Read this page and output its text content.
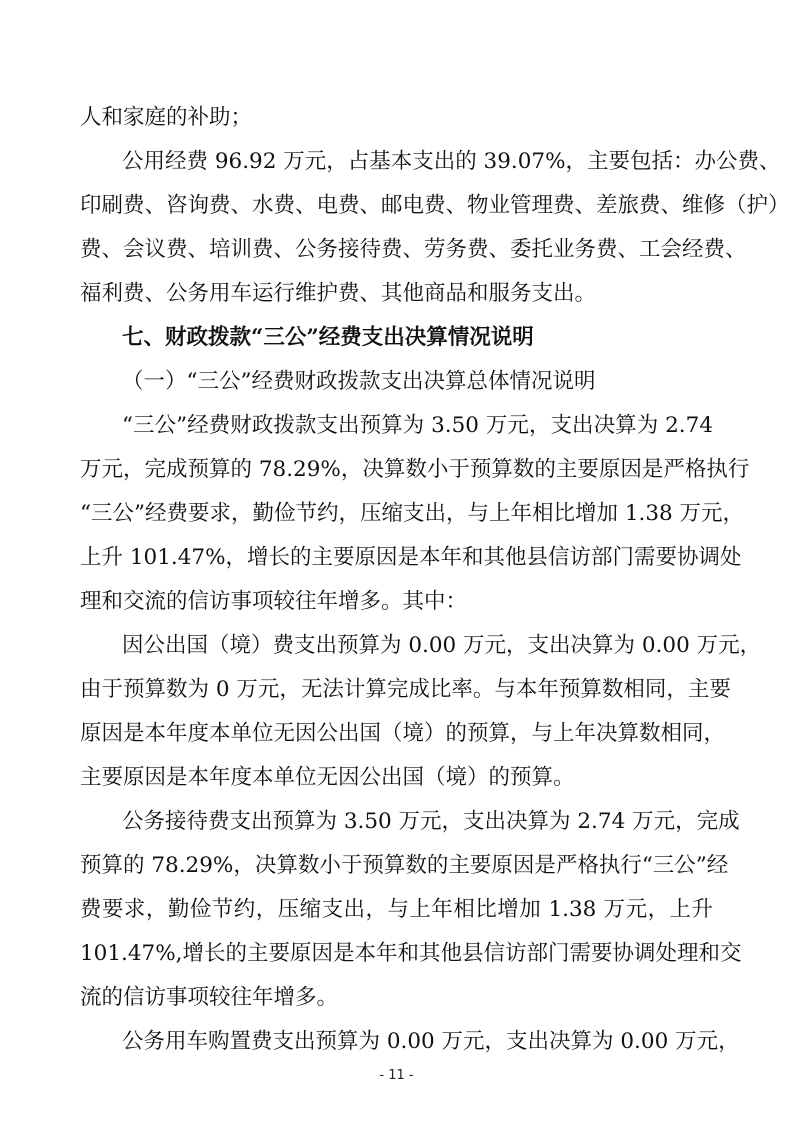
人和家庭的补助；
公用经费 96.92 万元，占基本支出的 39.07%，主要包括：办公费、
印刷费、咨询费、水费、电费、邮电费、物业管理费、差旅费、维修（护）
费、会议费、培训费、公务接待费、劳务费、委托业务费、工会经费、
福利费、公务用车运行维护费、其他商品和服务支出。
七、财政拨款“三公”经费支出决算情况说明
（一）“三公”经费财政拨款支出决算总体情况说明
“三公”经费财政拨款支出预算为 3.50 万元，支出决算为 2.74
万元，完成预算的 78.29%，决算数小于预算数的主要原因是严格执行
“三公”经费要求，勤俭节约，压缩支出，与上年相比增加 1.38 万元，
上升 101.47%，增长的主要原因是本年和其他县信访部门需要协调处
理和交流的信访事项较往年增多。其中：
因公出国（境）费支出预算为 0.00 万元，支出决算为 0.00 万元，
由于预算数为 0 万元，无法计算完成比率。与本年预算数相同，主要
原因是本年度本单位无因公出国（境）的预算，与上年决算数相同，
主要原因是本年度本单位无因公出国（境）的预算。
公务接待费支出预算为 3.50 万元，支出决算为 2.74 万元，完成
预算的 78.29%，决算数小于预算数的主要原因是严格执行“三公”经
费要求，勤俭节约，压缩支出，与上年相比增加 1.38 万元，上升
101.47%,增长的主要原因是本年和其他县信访部门需要协调处理和交
流的信访事项较往年增多。
公务用车购置费支出预算为 0.00 万元，支出决算为 0.00 万元，
- 11 -
